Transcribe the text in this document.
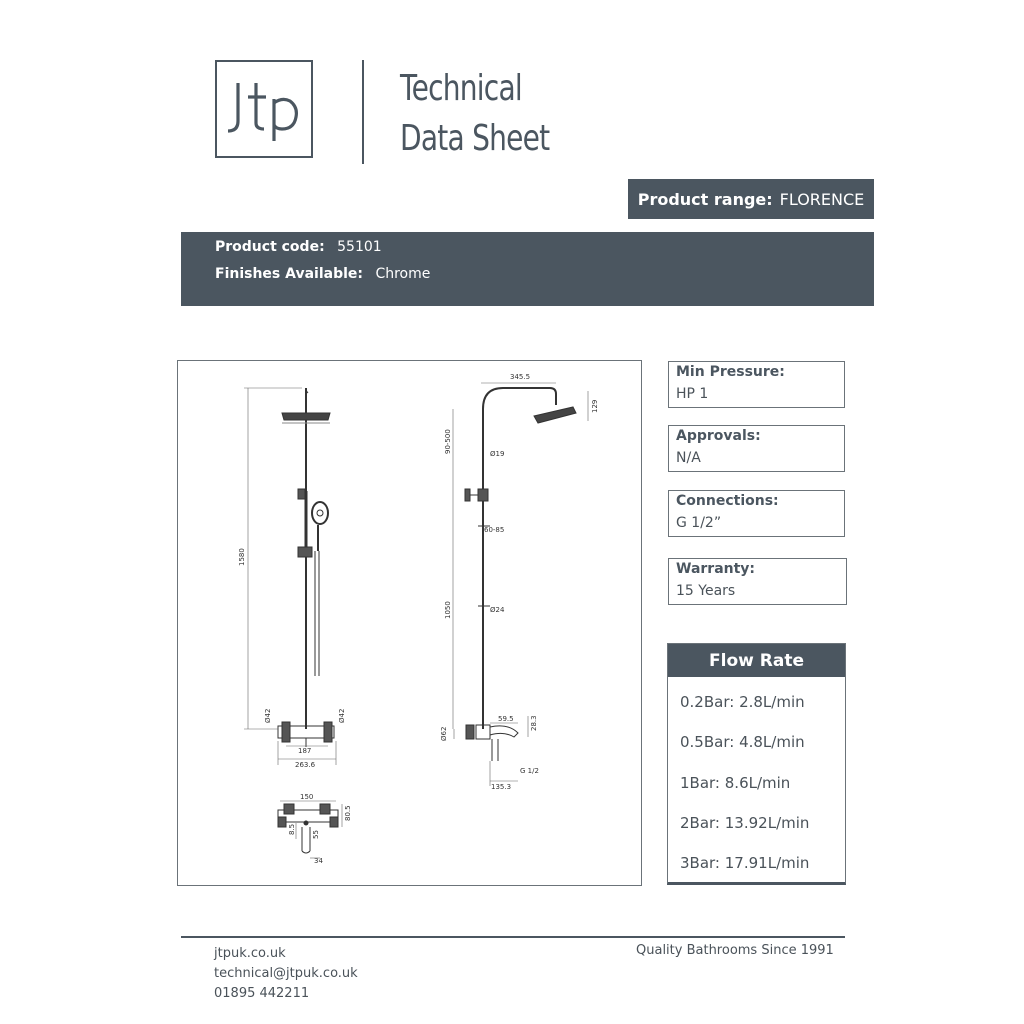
Technical
Data Sheet
Product range: FLORENCE
Product code: 55101
Finishes Available: Chrome
1580
Ø42	Ø42
187
263.6
345.5
129
90-500	Ø19
60-85
1050	Ø24
Ø62
59.5 28.3
G 1/2
135.3
150
80.5
8.5 55
34
Min Pressure:
HP 1
Approvals:
N/A
Connections:
G 1/2”
Warranty:
15 Years
Flow Rate
0.2Bar: 2.8L/min
0.5Bar: 4.8L/min
1Bar: 8.6L/min
2Bar: 13.92L/min
3Bar: 17.91L/min
jtpuk.co.uk
technical@jtpuk.co.uk
01895 442211
Quality Bathrooms Since 1991
